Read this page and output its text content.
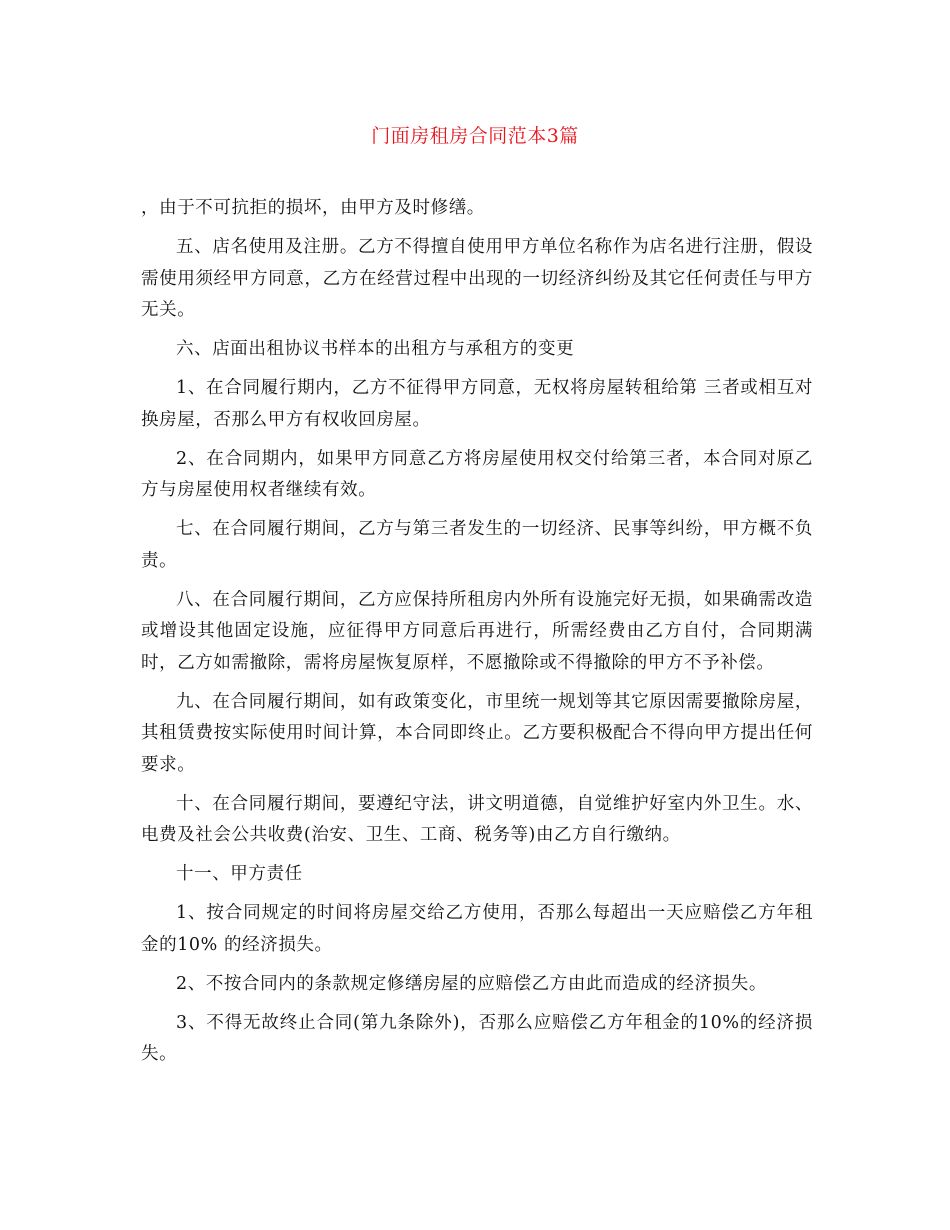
门面房租房合同范本3篇

，由于不可抗拒的损坏，由甲方及时修缮。

五、店名使用及注册。乙方不得擅自使用甲方单位名称作为店名进行注册，假设需使用须经甲方同意，乙方在经营过程中出现的一切经济纠纷及其它任何责任与甲方无关。

六、店面出租协议书样本的出租方与承租方的变更

1、在合同履行期内，乙方不征得甲方同意，无权将房屋转租给第 三者或相互对换房屋，否那么甲方有权收回房屋。

2、在合同期内，如果甲方同意乙方将房屋使用权交付给第三者，本合同对原乙方与房屋使用权者继续有效。

七、在合同履行期间，乙方与第三者发生的一切经济、民事等纠纷，甲方概不负责。

八、在合同履行期间，乙方应保持所租房内外所有设施完好无损，如果确需改造或增设其他固定设施，应征得甲方同意后再进行，所需经费由乙方自付，合同期满时，乙方如需撤除，需将房屋恢复原样，不愿撤除或不得撤除的甲方不予补偿。

九、在合同履行期间，如有政策变化，市里统一规划等其它原因需要撤除房屋，其租赁费按实际使用时间计算，本合同即终止。乙方要积极配合不得向甲方提出任何要求。

十、在合同履行期间，要遵纪守法，讲文明道德，自觉维护好室内外卫生。水、电费及社会公共收费(治安、卫生、工商、税务等)由乙方自行缴纳。

十一、甲方责任

1、按合同规定的时间将房屋交给乙方使用，否那么每超出一天应赔偿乙方年租金的10% 的经济损失。

2、不按合同内的条款规定修缮房屋的应赔偿乙方由此而造成的经济损失。

3、不得无故终止合同(第九条除外)，否那么应赔偿乙方年租金的10%的经济损失。
